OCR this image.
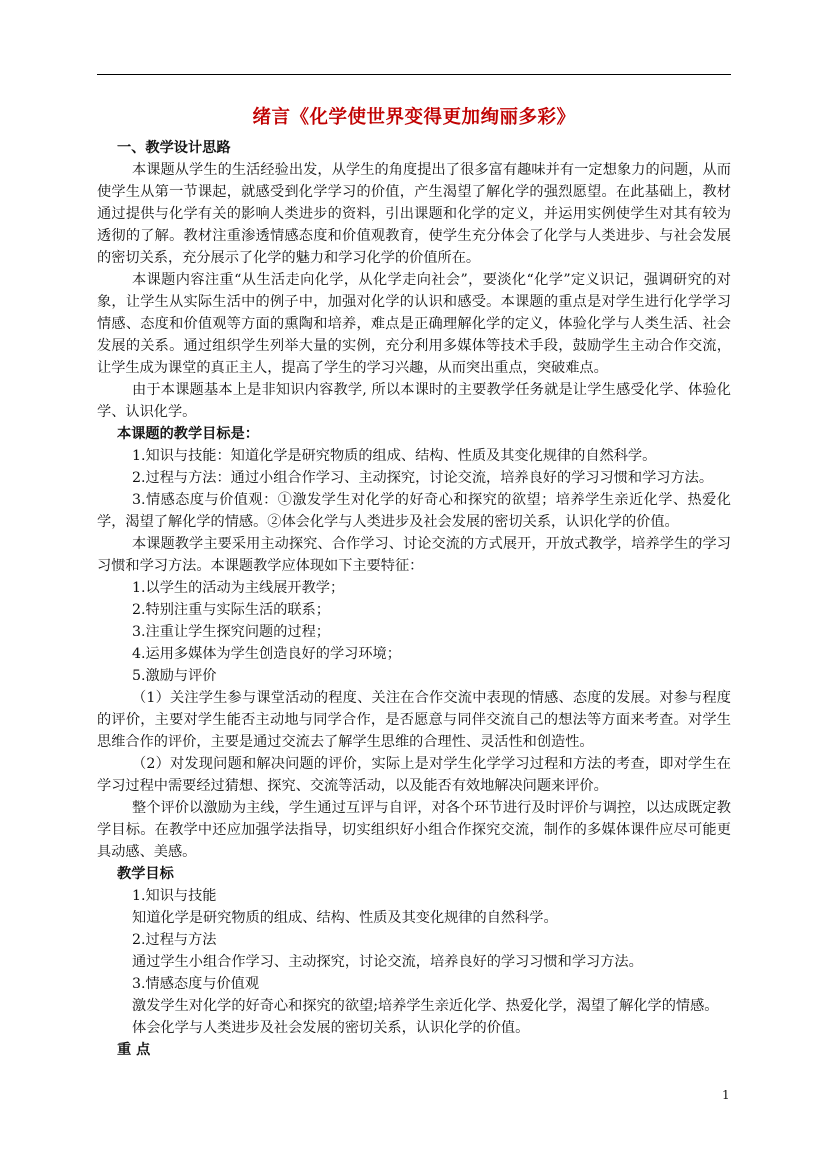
绪言《化学使世界变得更加绚丽多彩》

一、教学设计思路

本课题从学生的生活经验出发，从学生的角度提出了很多富有趣味并有一定想象力的问题，从而使学生从第一节课起，就感受到化学学习的价值，产生渴望了解化学的强烈愿望。在此基础上，教材通过提供与化学有关的影响人类进步的资料，引出课题和化学的定义，并运用实例使学生对其有较为透彻的了解。教材注重渗透情感态度和价值观教育，使学生充分体会了化学与人类进步、与社会发展的密切关系，充分展示了化学的魅力和学习化学的价值所在。

本课题内容注重“从生活走向化学，从化学走向社会”，要淡化“化学”定义识记，强调研究的对象，让学生从实际生活中的例子中，加强对化学的认识和感受。本课题的重点是对学生进行化学学习情感、态度和价值观等方面的熏陶和培养，难点是正确理解化学的定义，体验化学与人类生活、社会发展的关系。通过组织学生列举大量的实例，充分利用多媒体等技术手段，鼓励学生主动合作交流，让学生成为课堂的真正主人，提高了学生的学习兴趣，从而突出重点，突破难点。

由于本课题基本上是非知识内容教学, 所以本课时的主要教学任务就是让学生感受化学、体验化学、认识化学。

本课题的教学目标是：

1.知识与技能：知道化学是研究物质的组成、结构、性质及其变化规律的自然科学。

2.过程与方法：通过小组合作学习、主动探究，讨论交流，培养良好的学习习惯和学习方法。

3.情感态度与价值观：①激发学生对化学的好奇心和探究的欲望；培养学生亲近化学、热爱化学，渴望了解化学的情感。②体会化学与人类进步及社会发展的密切关系，认识化学的价值。

本课题教学主要采用主动探究、合作学习、讨论交流的方式展开，开放式教学，培养学生的学习习惯和学习方法。本课题教学应体现如下主要特征：

1.以学生的活动为主线展开教学；

2.特别注重与实际生活的联系；

3.注重让学生探究问题的过程；

4.运用多媒体为学生创造良好的学习环境；

5.激励与评价

（1）关注学生参与课堂活动的程度、关注在合作交流中表现的情感、态度的发展。对参与程度的评价，主要对学生能否主动地与同学合作，是否愿意与同伴交流自己的想法等方面来考查。对学生思维合作的评价，主要是通过交流去了解学生思维的合理性、灵活性和创造性。

（2）对发现问题和解决问题的评价，实际上是对学生化学学习过程和方法的考查，即对学生在学习过程中需要经过猜想、探究、交流等活动，以及能否有效地解决问题来评价。

整个评价以激励为主线，学生通过互评与自评，对各个环节进行及时评价与调控，以达成既定教学目标。在教学中还应加强学法指导，切实组织好小组合作探究交流，制作的多媒体课件应尽可能更具动感、美感。

教学目标

1.知识与技能

知道化学是研究物质的组成、结构、性质及其变化规律的自然科学。

2.过程与方法

通过学生小组合作学习、主动探究，讨论交流，培养良好的学习习惯和学习方法。

3.情感态度与价值观

激发学生对化学的好奇心和探究的欲望;培养学生亲近化学、热爱化学，渴望了解化学的情感。

体会化学与人类进步及社会发展的密切关系，认识化学的价值。

重 点

1
